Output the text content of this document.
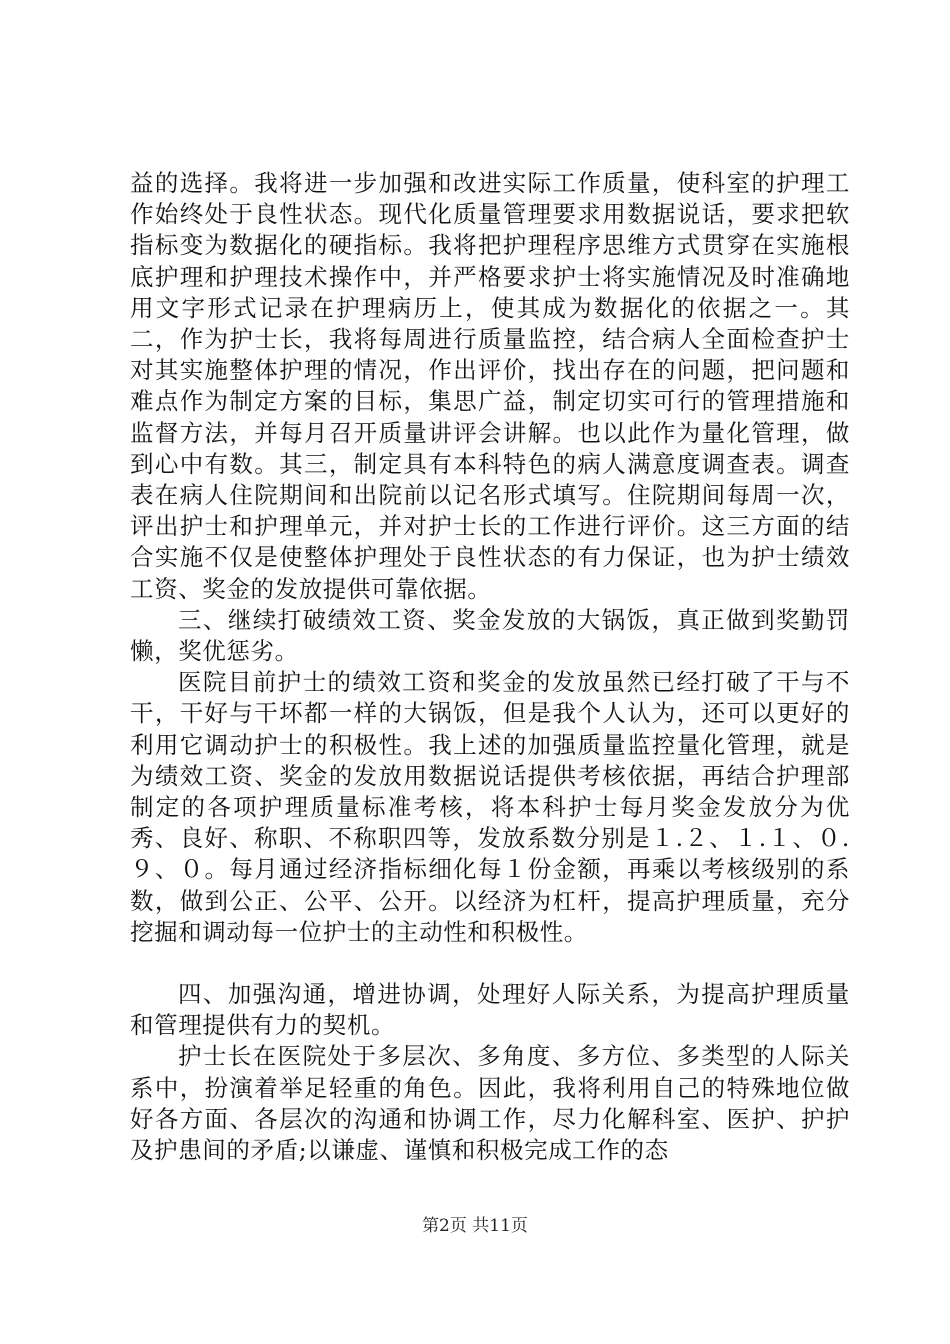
益的选择。我将进一步加强和改进实际工作质量，使科室的护理工作始终处于良性状态。现代化质量管理要求用数据说话，要求把软指标变为数据化的硬指标。我将把护理程序思维方式贯穿在实施根底护理和护理技术操作中，并严格要求护士将实施情况及时准确地用文字形式记录在护理病历上，使其成为数据化的依据之一。其二，作为护士长，我将每周进行质量监控，结合病人全面检查护士对其实施整体护理的情况，作出评价，找出存在的问题，把问题和难点作为制定方案的目标，集思广益，制定切实可行的管理措施和监督方法，并每月召开质量讲评会讲解。也以此作为量化管理，做到心中有数。其三，制定具有本科特色的病人满意度调查表。调查表在病人住院期间和出院前以记名形式填写。住院期间每周一次，评出护士和护理单元，并对护士长的工作进行评价。这三方面的结合实施不仅是使整体护理处于良性状态的有力保证，也为护士绩效工资、奖金的发放提供可靠依据。

三、继续打破绩效工资、奖金发放的大锅饭，真正做到奖勤罚懒，奖优惩劣。

医院目前护士的绩效工资和奖金的发放虽然已经打破了干与不干，干好与干坏都一样的大锅饭，但是我个人认为，还可以更好的利用它调动护士的积极性。我上述的加强质量监控量化管理，就是为绩效工资、奖金的发放用数据说话提供考核依据，再结合护理部制定的各项护理质量标准考核，将本科护士每月奖金发放分为优秀、良好、称职、不称职四等，发放系数分别是１.２、１.１、０.９、０。每月通过经济指标细化每１份金额，再乘以考核级别的系数，做到公正、公平、公开。以经济为杠杆，提高护理质量，充分挖掘和调动每一位护士的主动性和积极性。

四、加强沟通，增进协调，处理好人际关系，为提高护理质量和管理提供有力的契机。

护士长在医院处于多层次、多角度、多方位、多类型的人际关系中，扮演着举足轻重的角色。因此，我将利用自己的特殊地位做好各方面、各层次的沟通和协调工作，尽力化解科室、医护、护护及护患间的矛盾;以谦虚、谨慎和积极完成工作的态

第2页 共11页
